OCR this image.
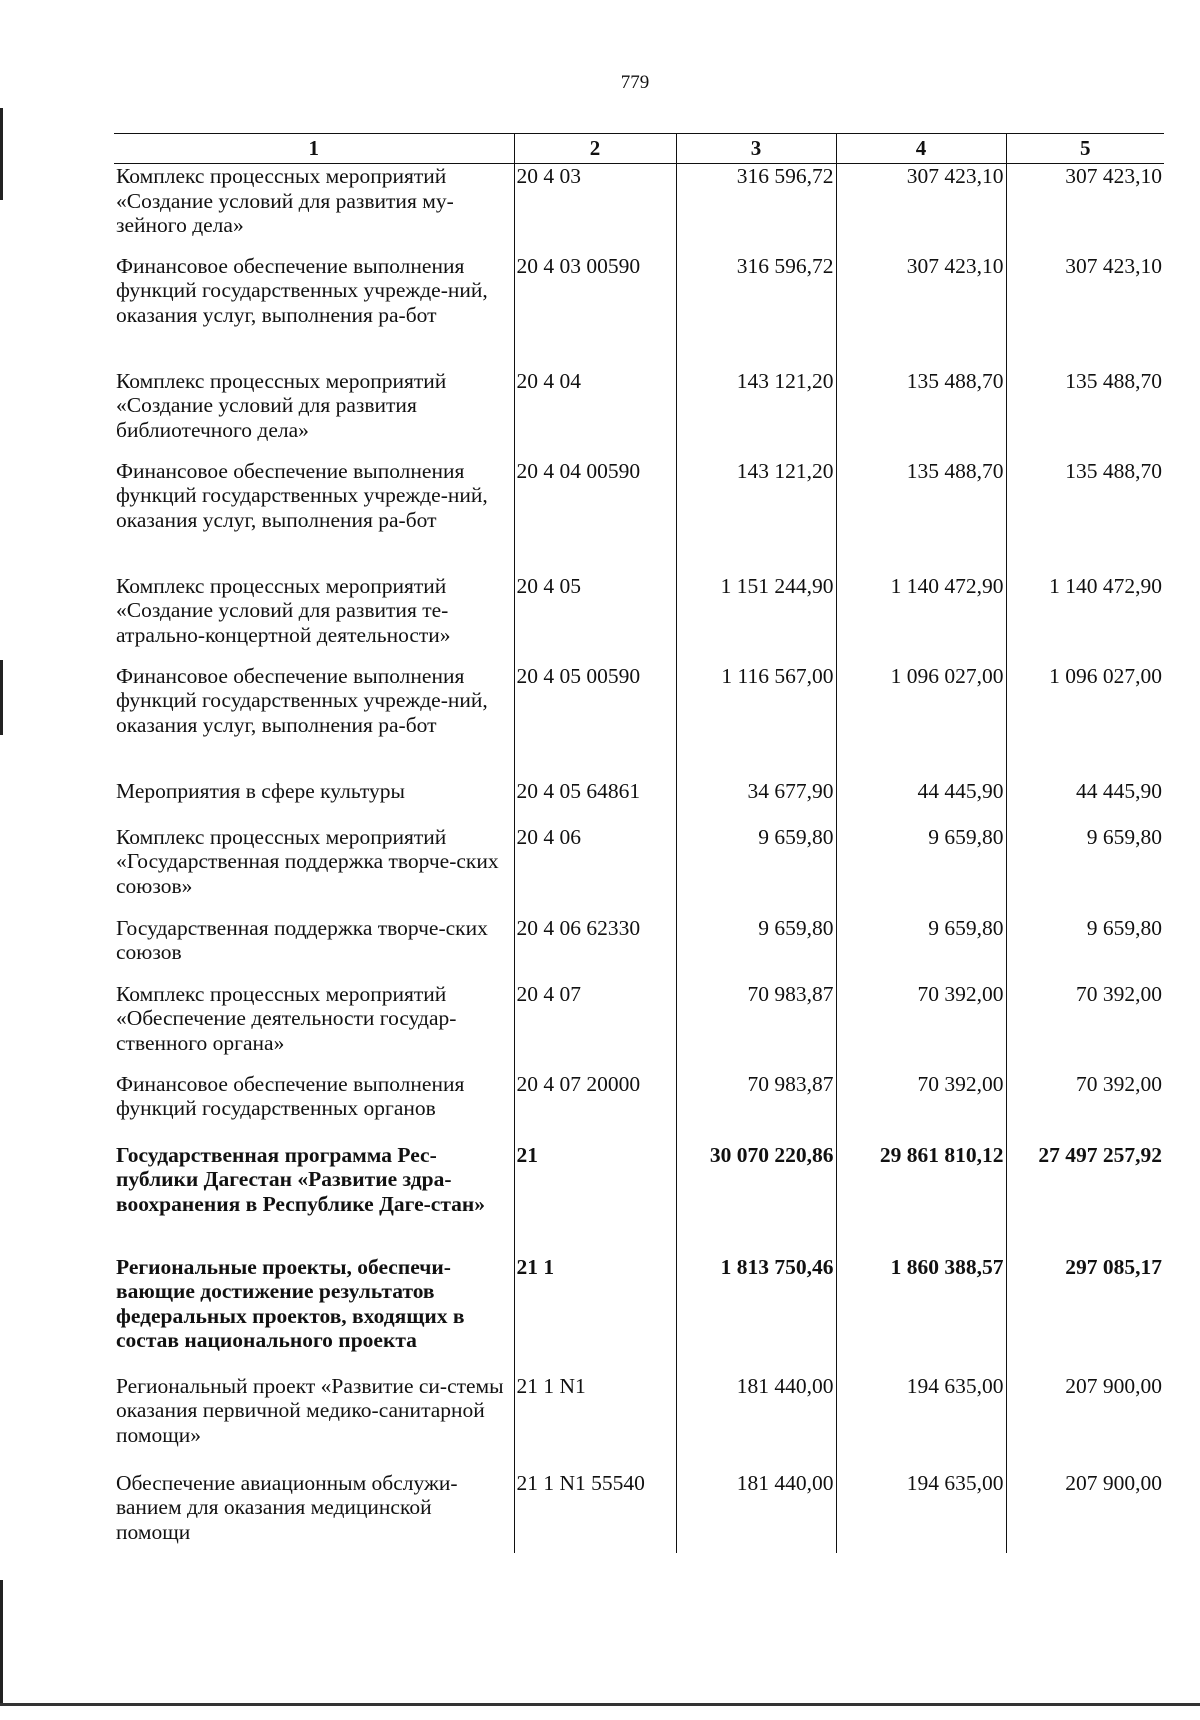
779
1	2	3	4	5
Комплекс процессных мероприятий «Создание условий для развития му-зейного дела»	20 4 03	316 596,72	307 423,10	307 423,10
Финансовое обеспечение выполнения функций государственных учрежде-ний, оказания услуг, выполнения ра-бот	20 4 03 00590	316 596,72	307 423,10	307 423,10
Комплекс процессных мероприятий «Создание условий для развития библиотечного дела»	20 4 04	143 121,20	135 488,70	135 488,70
Финансовое обеспечение выполнения функций государственных учрежде-ний, оказания услуг, выполнения ра-бот	20 4 04 00590	143 121,20	135 488,70	135 488,70
Комплекс процессных мероприятий «Создание условий для развития те-атрально-концертной деятельности»	20 4 05	1 151 244,90	1 140 472,90	1 140 472,90
Финансовое обеспечение выполнения функций государственных учрежде-ний, оказания услуг, выполнения ра-бот	20 4 05 00590	1 116 567,00	1 096 027,00	1 096 027,00
Мероприятия в сфере культуры	20 4 05 64861	34 677,90	44 445,90	44 445,90
Комплекс процессных мероприятий «Государственная поддержка творче-ских союзов»	20 4 06	9 659,80	9 659,80	9 659,80
Государственная поддержка творче-ских союзов	20 4 06 62330	9 659,80	9 659,80	9 659,80
Комплекс процессных мероприятий «Обеспечение деятельности государ-ственного органа»	20 4 07	70 983,87	70 392,00	70 392,00
Финансовое обеспечение выполнения функций государственных органов	20 4 07 20000	70 983,87	70 392,00	70 392,00
Государственная программа Рес-публики Дагестан «Развитие здра-воохранения в Республике Даге-стан»	21	30 070 220,86	29 861 810,12	27 497 257,92
Региональные проекты, обеспечи-вающие достижение результатов федеральных проектов, входящих в состав национального проекта	21 1	1 813 750,46	1 860 388,57	297 085,17
Региональный проект «Развитие си-стемы оказания первичной медико-санитарной помощи»	21 1 N1	181 440,00	194 635,00	207 900,00
Обеспечение авиационным обслужи-ванием для оказания медицинской помощи	21 1 N1 55540	181 440,00	194 635,00	207 900,00
